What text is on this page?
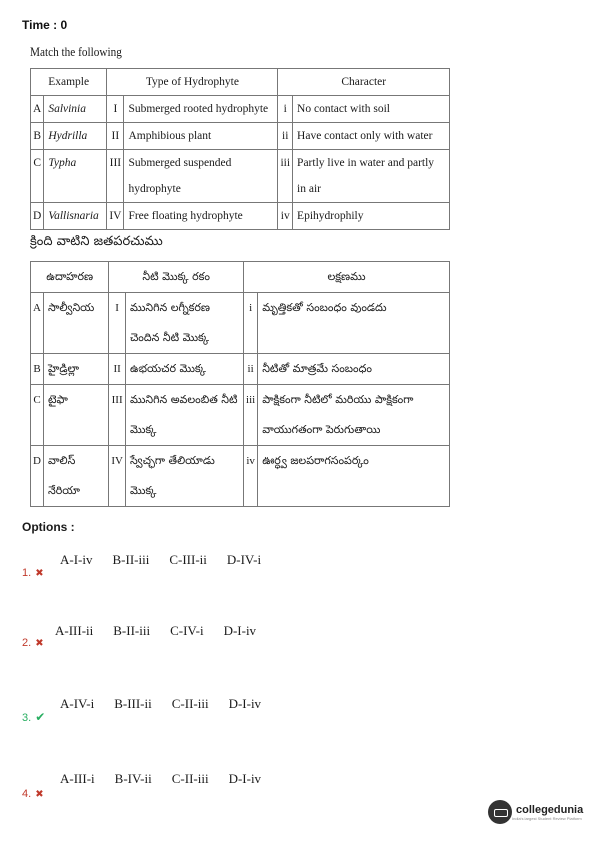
Time : 0
Match the following
Example		Type of Hydrophyte		Character	
A	Salvinia	I	Submerged rooted hydrophyte	i	No contact with soil
B	Hydrilla	II	Amphibious plant	ii	Have contact only with water
C	Typha	III	Submerged suspended hydrophyte	iii	Partly live in water and partly in air
D	Vallisnaria	IV	Free floating hydrophyte	iv	Epihydrophily
క్రింది వాటిని జతపరచుము
ఉదాహరణ		నీటి మొక్క రకం		లక్షణము	
A	సాల్వీనియ	I	మునిగిన లగ్నీకరణ చెందిన నీటి మొక్క	i	మృత్తికతో సంబంధం వుండదు
B	హైడ్రిల్లా	II	ఉభయచర మొక్క	ii	నీటితో మాత్రమే సంబంధం
C	టైఫా	III	మునిగిన అవలంబిత నీటి మొక్క	iii	పాక్షికంగా నీటిలో మరియు పాక్షికంగా వాయుగతంగా పెరుగుతాయి
D	వాలిస్ నేరియా	IV	స్వేచ్ఛగా తేలియాడు మొక్క	iv	ఊర్ధ్వ జలపరాగసంపర్కం
Options :
A-I-iv B-II-iii C-III-ii D-IV-i
1. ✖
A-III-ii B-II-iii C-IV-i D-I-iv
2. ✖
A-IV-i B-III-ii C-II-iii D-I-iv
3. ✔
A-III-i B-IV-ii C-II-iii D-I-iv
4. ✖
collegedunia
India's largest Student Review Platform
